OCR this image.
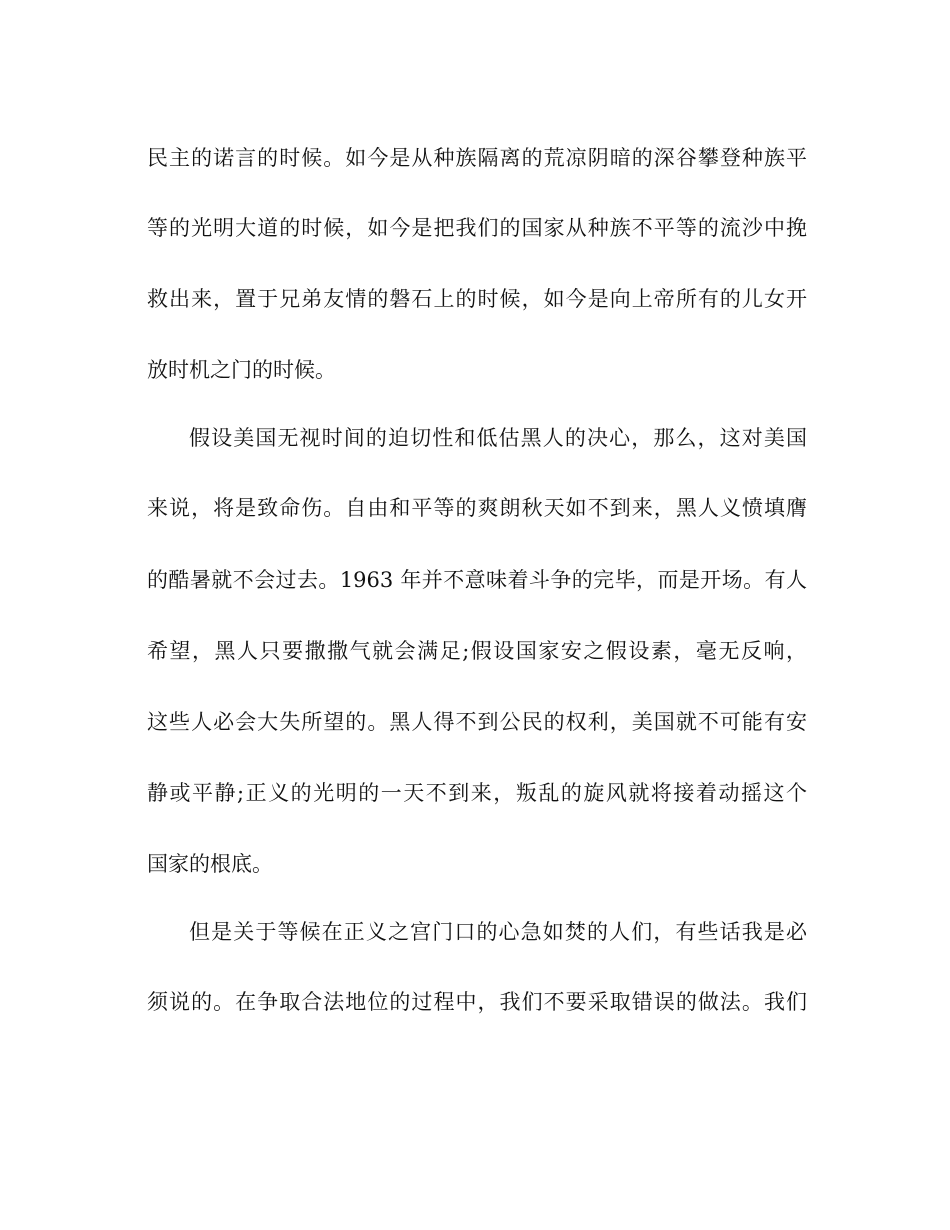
民主的诺言的时候。如今是从种族隔离的荒凉阴暗的深谷攀登种族平
等的光明大道的时候，如今是把我们的国家从种族不平等的流沙中挽
救出来，置于兄弟友情的磐石上的时候，如今是向上帝所有的儿女开
放时机之门的时候。
假设美国无视时间的迫切性和低估黑人的决心，那么，这对美国
来说，将是致命伤。自由和平等的爽朗秋天如不到来，黑人义愤填膺
的酷暑就不会过去。1963 年并不意味着斗争的完毕，而是开场。有人
希望，黑人只要撒撒气就会满足;假设国家安之假设素，毫无反响，
这些人必会大失所望的。黑人得不到公民的权利，美国就不可能有安
静或平静;正义的光明的一天不到来，叛乱的旋风就将接着动摇这个
国家的根底。
但是关于等候在正义之宫门口的心急如焚的人们，有些话我是必
须说的。在争取合法地位的过程中，我们不要采取错误的做法。我们
